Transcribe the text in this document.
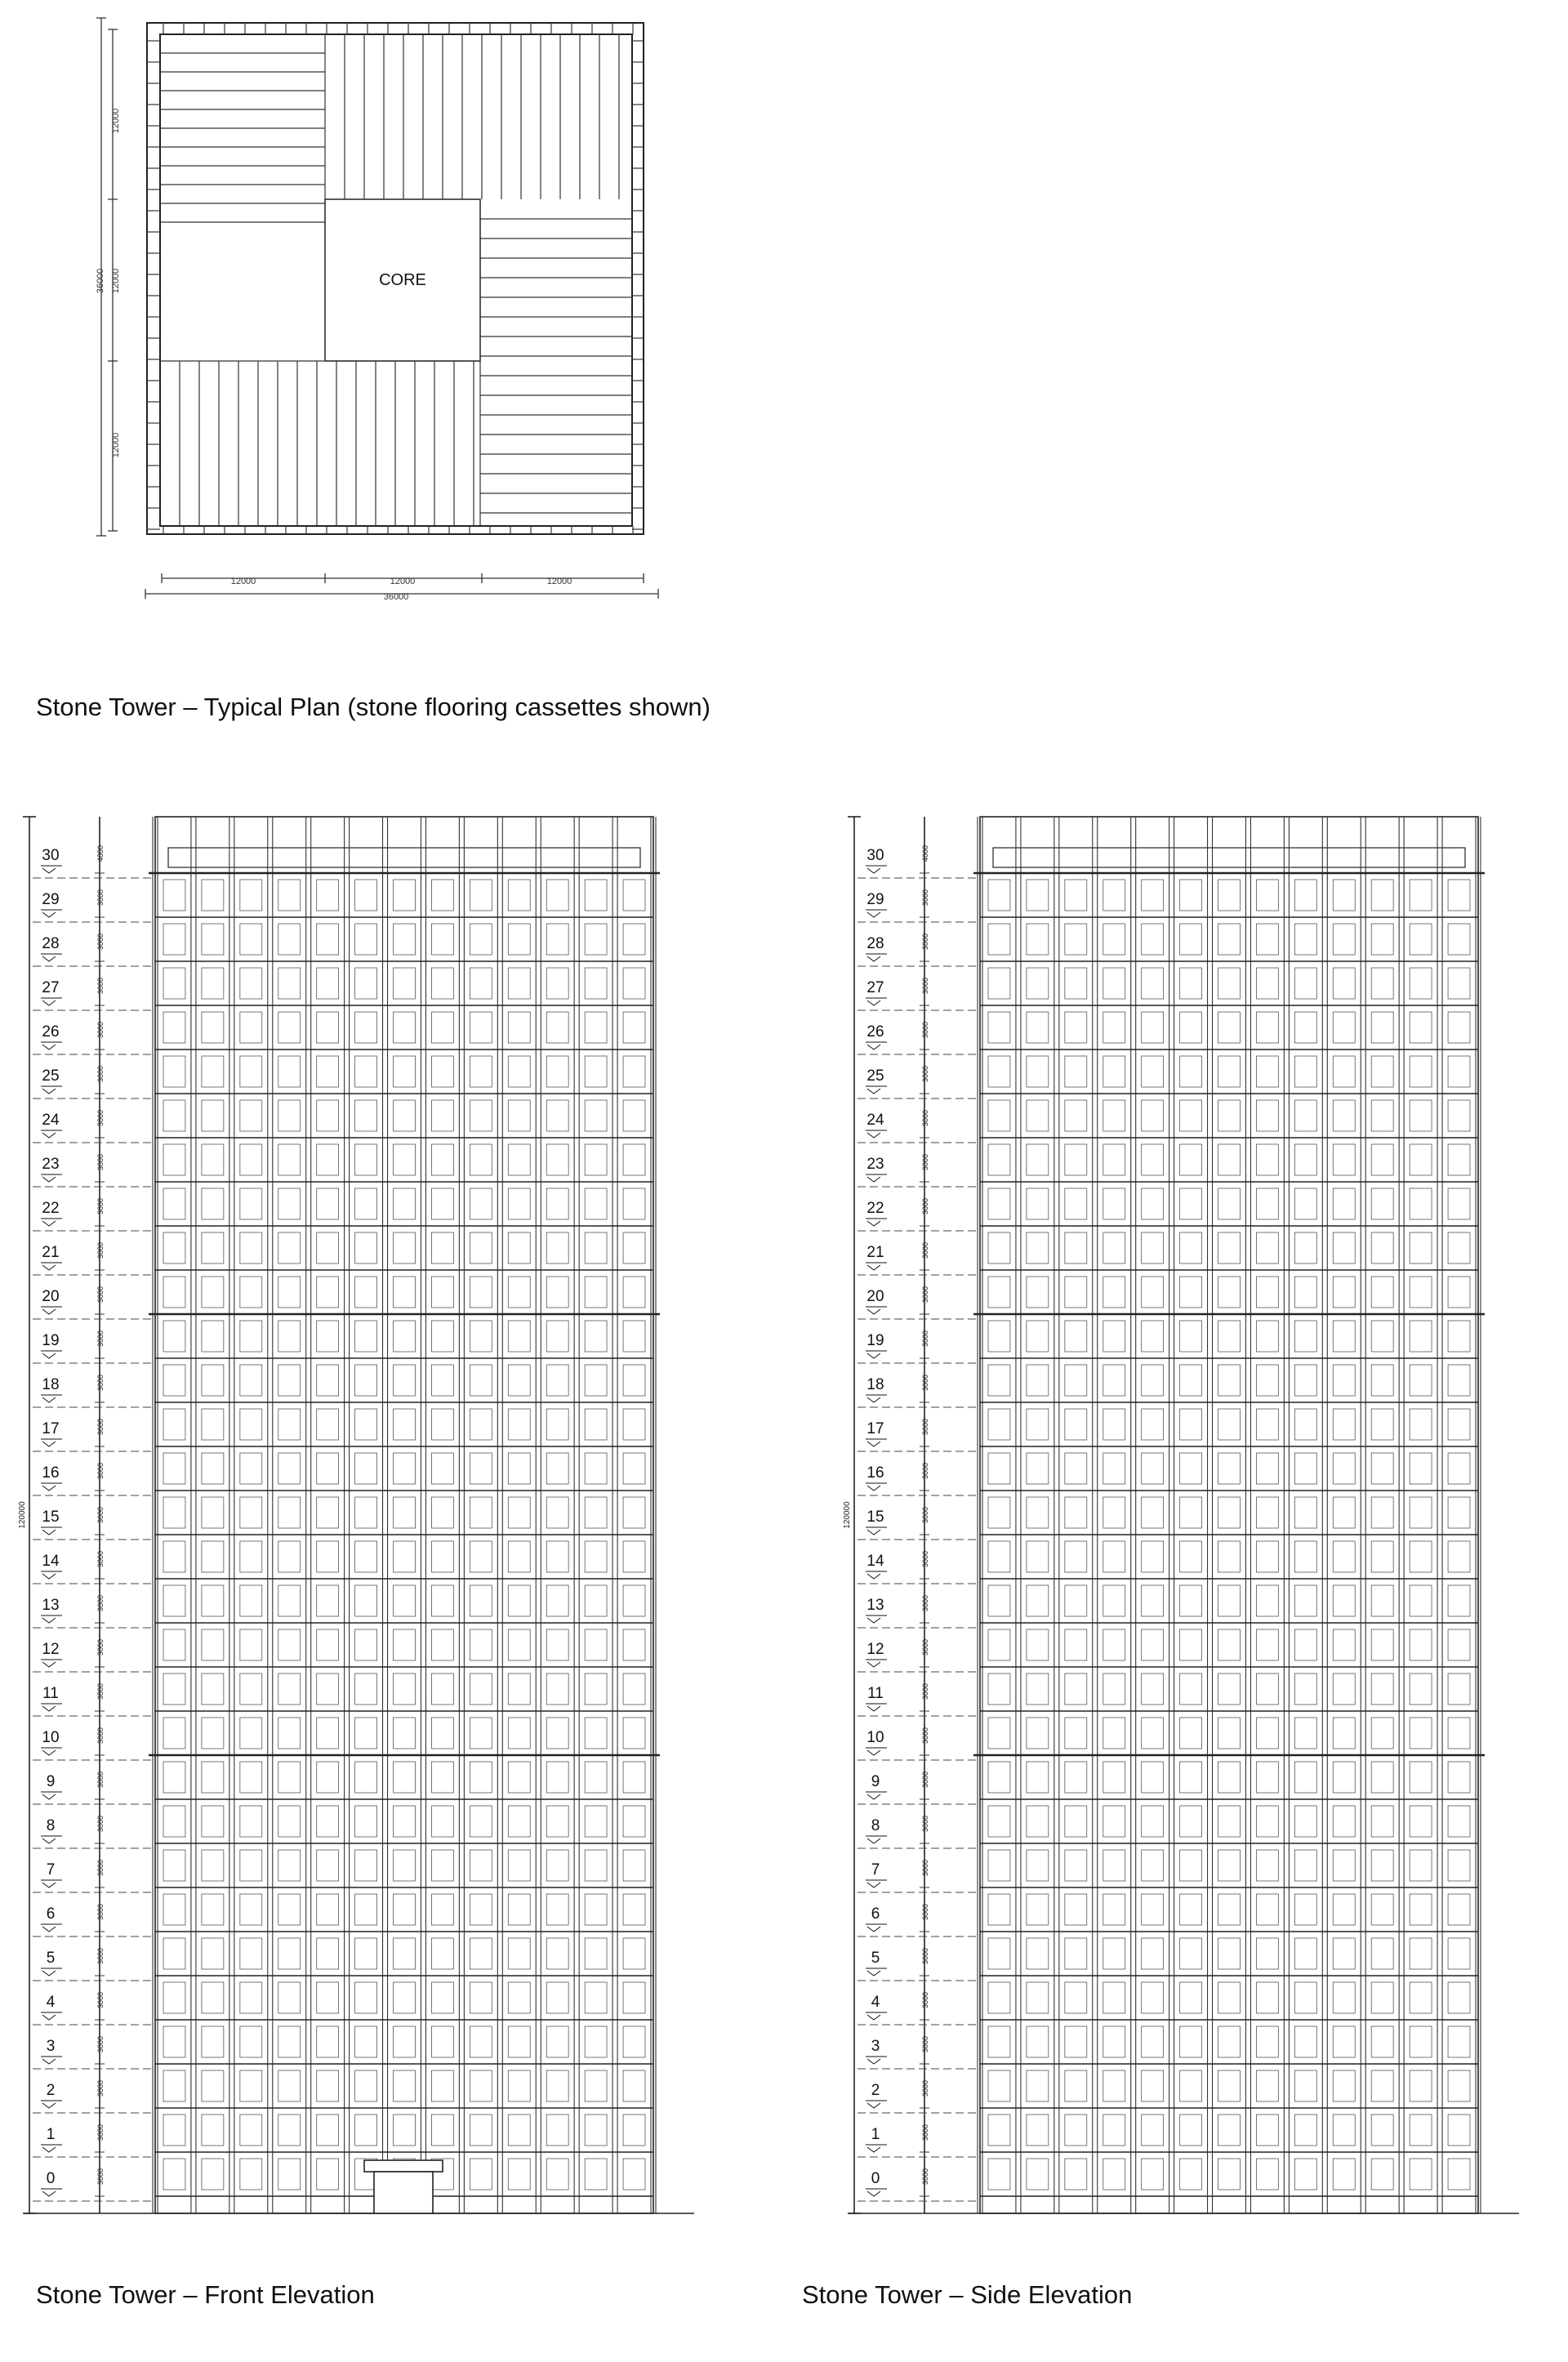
CORE
12000
12000
12000
36000
12000	12000	12000
36000
30	4000
29	3000
28	3000
27	3000
26	3000
25	3000
24	3000
23	3000
22	3000
21	3000
20	3000
19	3000
18	3000
17	3000
16	3000
15	3000
14	3000
13	3000
12	3000
11	3000
10	3000
9	3000
8	3000
7	3000
6	3000
5	3000
4	3000
3	3000
2	3000
1	3000
0	3000
120000
30	4000
29	3000
28	3000
27	3000
26	3000
25	3000
24	3000
23	3000
22	3000
21	3000
20	3000
19	3000
18	3000
17	3000
16	3000
15	3000
14	3000
13	3000
12	3000
11	3000
10	3000
9	3000
8	3000
7	3000
6	3000
5	3000
4	3000
3	3000
2	3000
1	3000
0	3000
120000
Stone Tower – Typical Plan (stone flooring cassettes shown)
Stone Tower – Front Elevation	Stone Tower – Side Elevation
